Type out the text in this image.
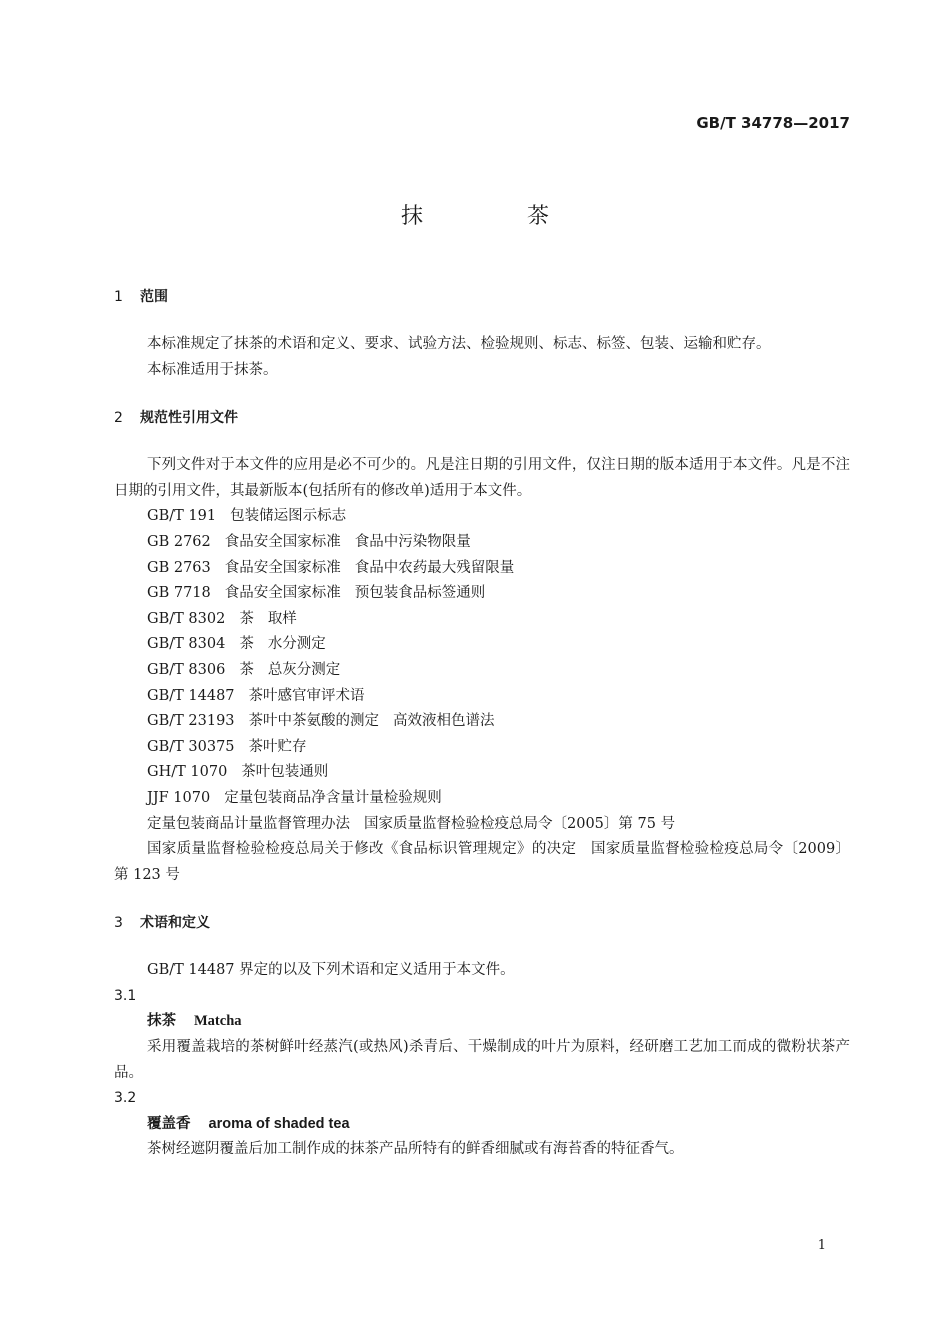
GB/T 34778—2017
抹	茶
1 范围
本标准规定了抹茶的术语和定义、要求、试验方法、检验规则、标志、标签、包装、运输和贮存。
本标准适用于抹茶。
2 规范性引用文件
下列文件对于本文件的应用是必不可少的。凡是注日期的引用文件，仅注日期的版本适用于本文件。凡是不注日期的引用文件，其最新版本(包括所有的修改单)适用于本文件。
GB/T 191 包装储运图示标志
GB 2762 食品安全国家标准 食品中污染物限量
GB 2763 食品安全国家标准 食品中农药最大残留限量
GB 7718 食品安全国家标准 预包装食品标签通则
GB/T 8302 茶 取样
GB/T 8304 茶 水分测定
GB/T 8306 茶 总灰分测定
GB/T 14487 茶叶感官审评术语
GB/T 23193 茶叶中茶氨酸的测定 高效液相色谱法
GB/T 30375 茶叶贮存
GH/T 1070 茶叶包装通则
JJF 1070 定量包装商品净含量计量检验规则
定量包装商品计量监督管理办法 国家质量监督检验检疫总局令〔2005〕第 75 号
国家质量监督检验检疫总局关于修改《食品标识管理规定》的决定　国家质量监督检验检疫总局令〔2009〕第 123 号
3 术语和定义
GB/T 14487 界定的以及下列术语和定义适用于本文件。
3.1
抹茶 Matcha
采用覆盖栽培的茶树鲜叶经蒸汽(或热风)杀青后、干燥制成的叶片为原料，经研磨工艺加工而成的微粉状茶产品。
3.2
覆盖香 aroma of shaded tea
茶树经遮阴覆盖后加工制作成的抹茶产品所特有的鲜香细腻或有海苔香的特征香气。
1
